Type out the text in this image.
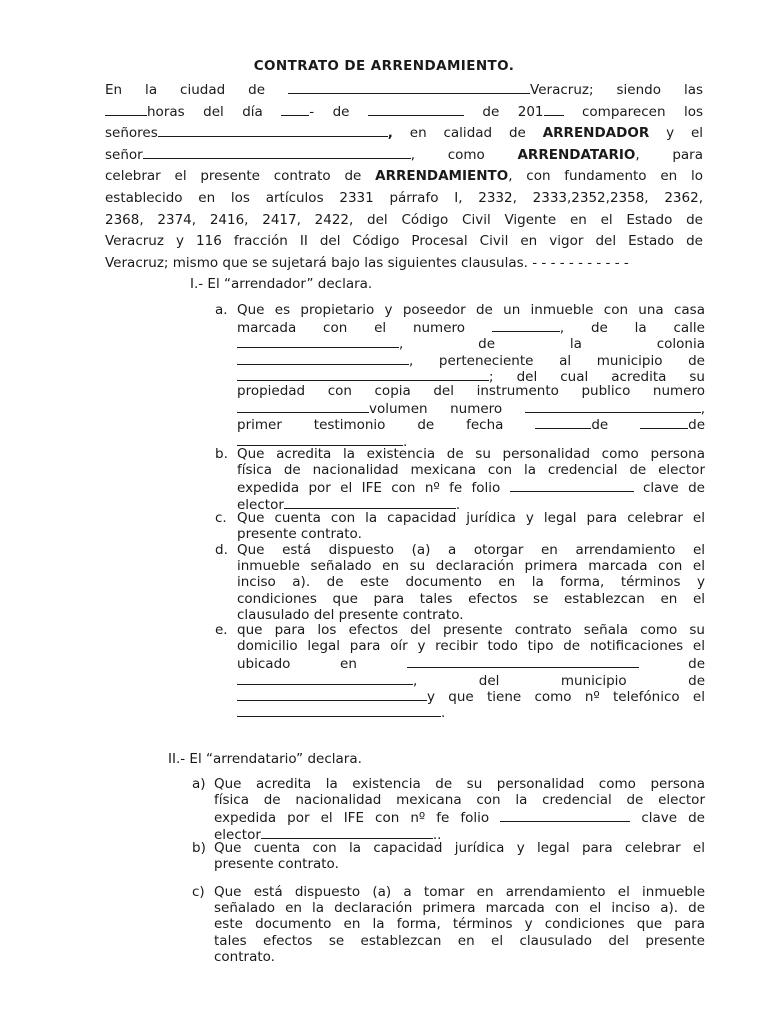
CONTRATO DE ARRENDAMIENTO.
En la ciudad de	Veracruz; siendo las
horas del día	- de	de 201	comparecen los
señores	, en calidad de ARRENDADOR y el
señor	, como ARRENDATARIO, para
celebrar el presente contrato de ARRENDAMIENTO, con fundamento en lo
establecido en los artículos 2331 párrafo I, 2332, 2333,2352,2358, 2362,
2368, 2374, 2416, 2417, 2422, del Código Civil Vigente en el Estado de
Veracruz y 116 fracción II del Código Procesal Civil en vigor del Estado de
Veracruz; mismo que se sujetará bajo las siguientes clausulas. - - - - - - - - - - -
I.- El “arrendador” declara.
a. Que es propietario y poseedor de un inmueble con una casa
marcada con el numero	, de la calle
,	de la colonia
, perteneciente al municipio de
; del cual acredita su
propiedad con copia del instrumento publico numero
volumen numero	,
primer testimonio de fecha	de	de
.
b. Que acredita la existencia de su personalidad como persona
física de nacionalidad mexicana con la credencial de elector
expedida por el IFE con nº fe folio	clave de
elector	.
c. Que cuenta con la capacidad jurídica y legal para celebrar el
presente contrato.
d. Que está dispuesto (a) a otorgar en arrendamiento el
inmueble señalado en su declaración primera marcada con el
inciso a). de este documento en la forma, términos y
condiciones que para tales efectos se establezcan en el
clausulado del presente contrato.
e. que para los efectos del presente contrato señala como su
domicilio legal para oír y recibir todo tipo de notificaciones el
ubicado en	de
,	del municipio de
y que tiene como nº telefónico el
.
II.- El “arrendatario” declara.
a) Que acredita la existencia de su personalidad como persona
física de nacionalidad mexicana con la credencial de elector
expedida por el IFE con nº fe folio	clave de
elector	..
b) Que cuenta con la capacidad jurídica y legal para celebrar el
presente contrato.
c) Que está dispuesto (a) a tomar en arrendamiento el inmueble
señalado en la declaración primera marcada con el inciso a). de
este documento en la forma, términos y condiciones que para
tales efectos se establezcan en el clausulado del presente
contrato.
